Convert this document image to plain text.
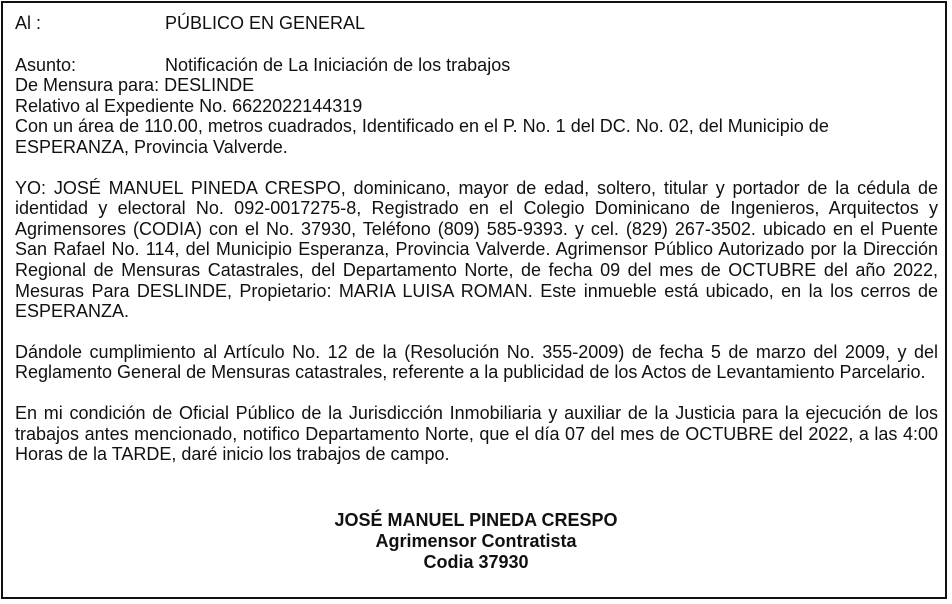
Al :	PÚBLICO EN GENERAL
Asunto:	Notificación de La Iniciación de los trabajos

De Mensura para: DESLINDE

Relativo al Expediente No. 6622022144319

Con un área de 110.00, metros cuadrados, Identificado en el P. No. 1 del DC. No. 02, del Municipio de ESPERANZA, Provincia Valverde.

YO: JOSÉ MANUEL PINEDA CRESPO, dominicano, mayor de edad, soltero, titular y portador de la cédula de identidad y electoral No. 092-0017275-8, Registrado en el Colegio Dominicano de Ingenieros, Arquitectos y Agrimensores (CODIA) con el No. 37930, Teléfono (809) 585-9393. y cel. (829) 267-3502. ubicado en el Puente San Rafael No. 114, del Municipio Esperanza, Provincia Valverde. Agrimensor Público Autorizado por la Dirección Regional de Mensuras Catastrales, del Departamento Norte, de fecha 09 del mes de OCTUBRE del año 2022, Mesuras Para DESLINDE, Propietario: MARIA LUISA ROMAN. Este inmueble está ubicado, en la los cerros de ESPERANZA.

Dándole cumplimiento al Artículo No. 12 de la (Resolución No. 355-2009) de fecha 5 de marzo del 2009, y del Reglamento General de Mensuras catastrales, referente a la publicidad de los Actos de Levantamiento Parcelario.

En mi condición de Oficial Público de la Jurisdicción Inmobiliaria y auxiliar de la Justicia para la ejecución de los trabajos antes mencionado, notifico Departamento Norte, que el día 07 del mes de OCTUBRE del 2022, a las 4:00 Horas de la TARDE, daré inicio los trabajos de campo.

JOSÉ MANUEL PINEDA CRESPO
Agrimensor Contratista
Codia 37930
